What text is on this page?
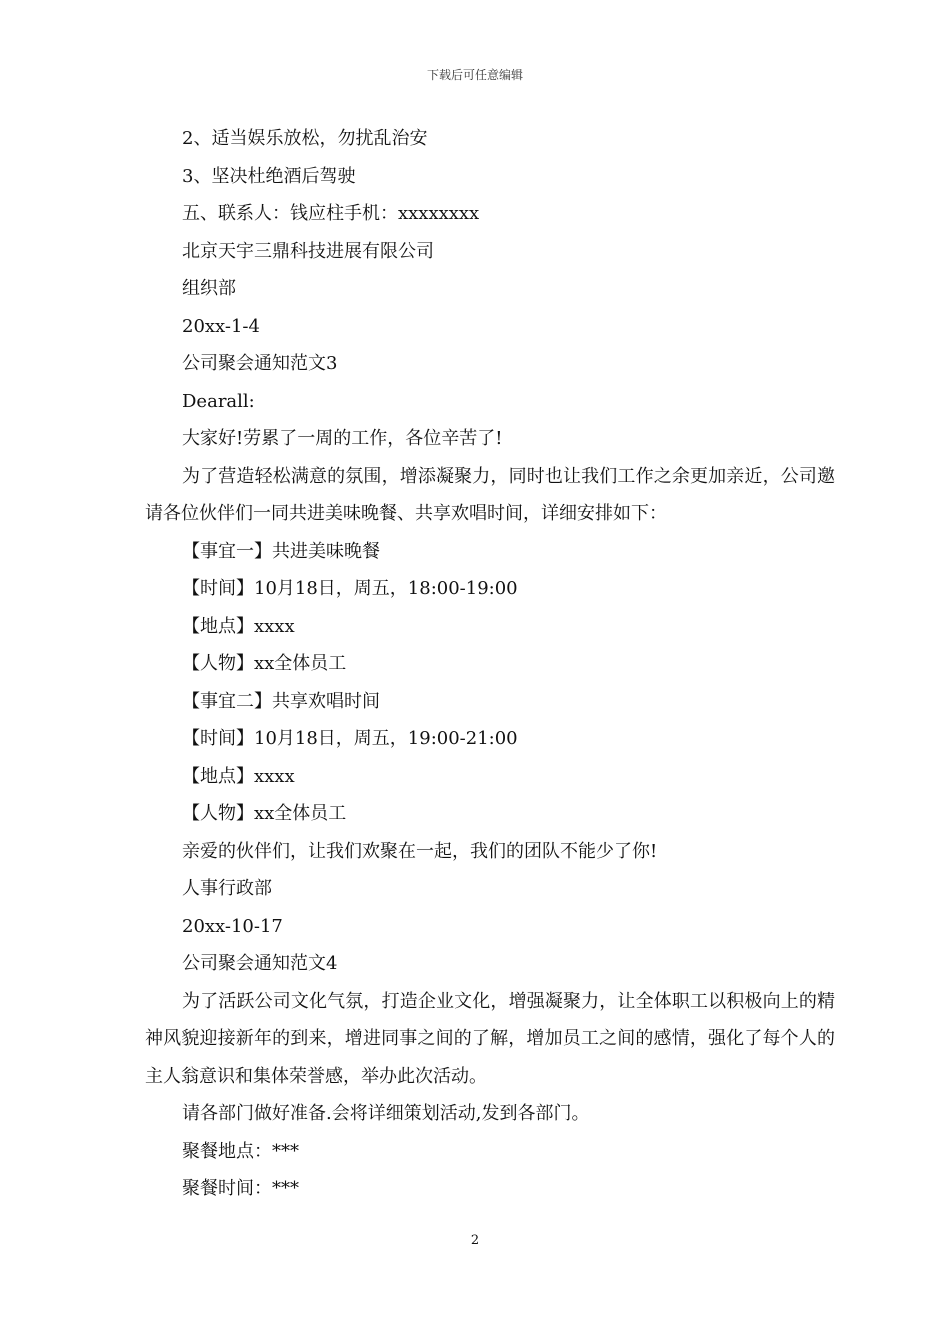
下载后可任意编辑
2、适当娱乐放松，勿扰乱治安
3、坚决杜绝酒后驾驶
五、联系人：钱应柱手机：xxxxxxxx
北京天宇三鼎科技进展有限公司
组织部
20xx-1-4
公司聚会通知范文3
Dearall:
大家好!劳累了一周的工作，各位辛苦了!
为了营造轻松满意的氛围，增添凝聚力，同时也让我们工作之余更加亲近，公司邀请各位伙伴们一同共进美味晚餐、共享欢唱时间，详细安排如下：
【事宜一】共进美味晚餐
【时间】10月18日，周五，18:00-19:00
【地点】xxxx
【人物】xx全体员工
【事宜二】共享欢唱时间
【时间】10月18日，周五，19:00-21:00
【地点】xxxx
【人物】xx全体员工
亲爱的伙伴们，让我们欢聚在一起，我们的团队不能少了你!
人事行政部
20xx-10-17
公司聚会通知范文4
为了活跃公司文化气氛，打造企业文化，增强凝聚力，让全体职工以积极向上的精神风貌迎接新年的到来，增进同事之间的了解，增加员工之间的感情，强化了每个人的主人翁意识和集体荣誉感，举办此次活动。
请各部门做好准备.会将详细策划活动,发到各部门。
聚餐地点：***
聚餐时间：***
2
